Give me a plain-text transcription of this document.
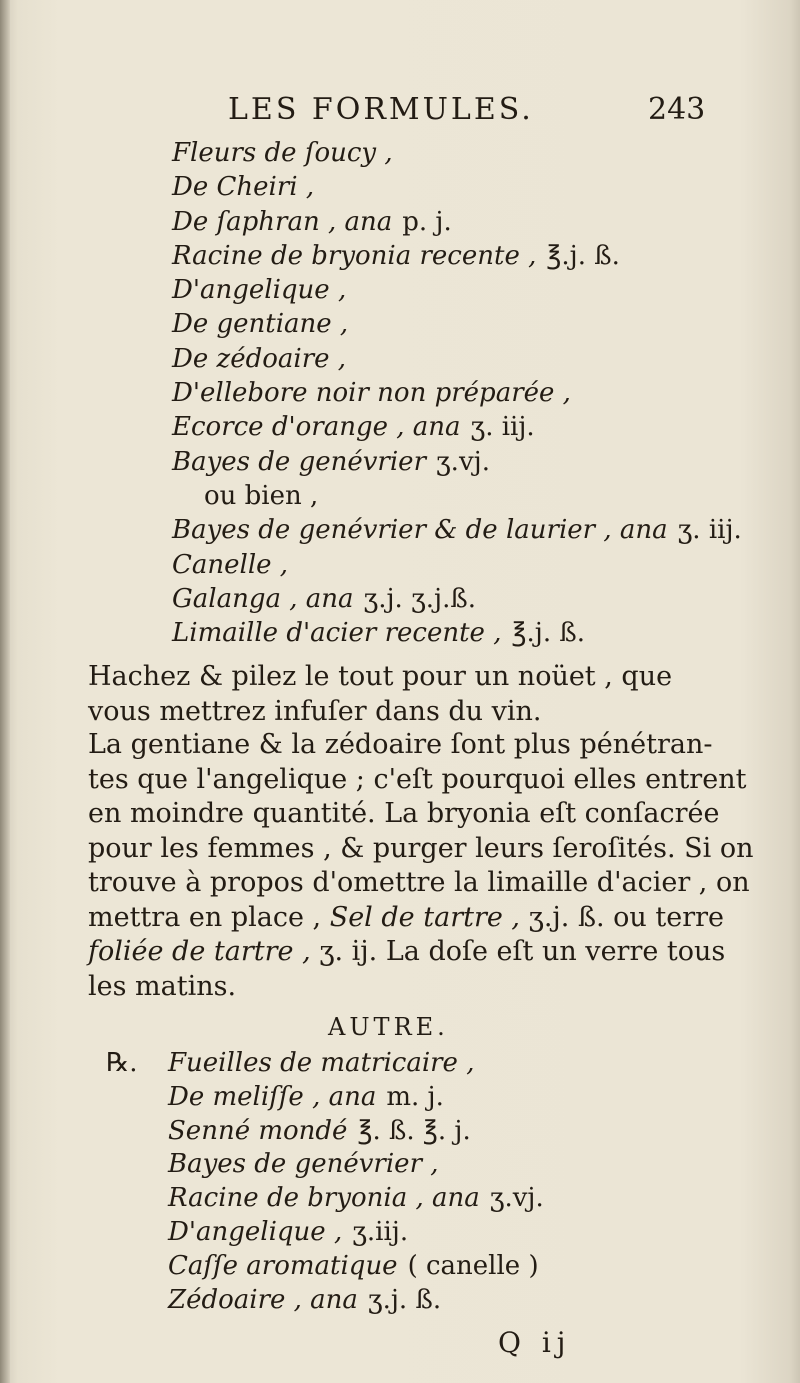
LES FORMULES.	243
Fleurs de ſoucy ,
De Cheiri ,
De ſaphran , ana p. j.
Racine de bryonia recente , ℥.j. ß.
D'angelique ,
De gentiane ,
De zédoaire ,
D'ellebore noir non préparée ,
Ecorce d'orange , ana ʒ. iij.
Bayes de genévrier ʒ.vj.
ou bien ,
Bayes de genévrier & de laurier , ana ʒ. iij.
Canelle ,
Galanga , ana ʒ.j. ʒ.j.ß.
Limaille d'acier recente , ℥.j. ß.
Hachez & pilez le tout pour un noüet , que
vous mettrez infuſer dans du vin.
La gentiane & la zédoaire ſont plus pénétran-
tes que l'angelique ; c'eſt pourquoi elles entrent
en moindre quantité. La bryonia eſt conſacrée
pour les femmes , & purger leurs ſeroſités. Si on
trouve à propos d'omettre la limaille d'acier , on
mettra en place , Sel de tartre , ʒ.j. ß. ou terre
foliée de tartre , ʒ. ij. La doſe eſt un verre tous
les matins.
AUTRE.
℞. Fueilles de matricaire ,
De meliſſe , ana m. j.
Senné mondé ℥. ß. ℥. j.
Bayes de genévrier ,
Racine de bryonia , ana ʒ.vj.
D'angelique , ʒ.iij.
Caſſe aromatique ( canelle )
Zédoaire , ana ʒ.j. ß.
Q ij
